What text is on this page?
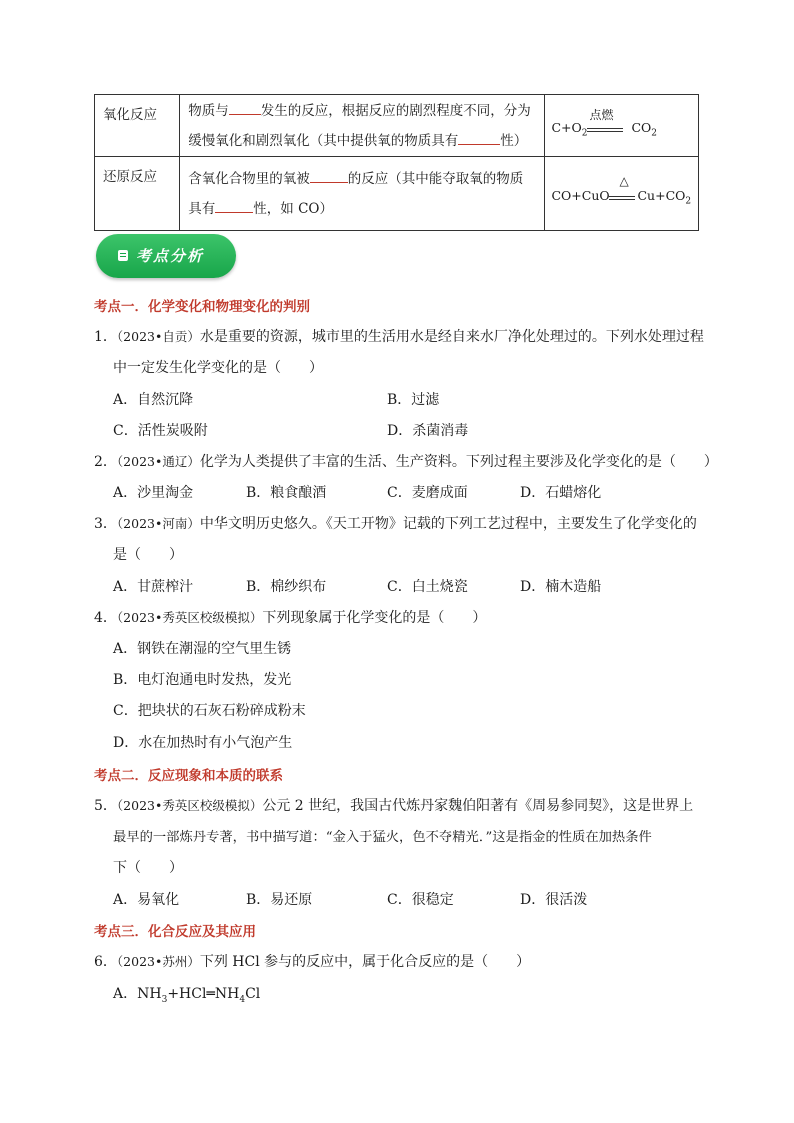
氧化反应	物质与 发生的反应，根据反应的剧烈程度不同，分为
缓慢氧化和剧烈氧化（其中提供氧的物质具有 性）	$C+O_2$
点燃
$CO_2$

还原反应	含氧化合物里的氧被 的反应（其中能夺取氧的物质
具有 性，如 CO）	CO+CuO
△
$Cu+CO_2$
考点分析
考点一．化学变化和物理变化的判别
1．（2023•自贡）水是重要的资源，城市里的生活用水是经自来水厂净化处理过的。下列水处理过程
中一定发生化学变化的是（　　）
A．自然沉降	B．过滤
C．活性炭吸附	D．杀菌消毒
2．（2023•通辽）化学为人类提供了丰富的生活、生产资料。下列过程主要涉及化学变化的是（　　）
A．沙里淘金	B．粮食酿酒	C．麦磨成面	D．石蜡熔化
3．（2023•河南）中华文明历史悠久。《天工开物》记载的下列工艺过程中，主要发生了化学变化的
是（　　）
A．甘蔗榨汁	B．棉纱织布	C．白土烧瓷	D．楠木造船
4．（2023•秀英区校级模拟）下列现象属于化学变化的是（　　）
A．钢铁在潮湿的空气里生锈
B．电灯泡通电时发热，发光
C．把块状的石灰石粉碎成粉末
D．水在加热时有小气泡产生
考点二．反应现象和本质的联系
5．（2023•秀英区校级模拟）公元 2 世纪，我国古代炼丹家魏伯阳著有《周易参同契》，这是世界上
最早的一部炼丹专著，书中描写道：“金入于猛火，色不夺精光．”这是指金的性质在加热条件
下（　　）
A．易氧化	B．易还原	C．很稳定	D．很活泼
考点三．化合反应及其应用
6．（2023•苏州）下列 HCl 参与的反应中，属于化合反应的是（　　）
A．$NH_3+HCl═NH_4Cl$
